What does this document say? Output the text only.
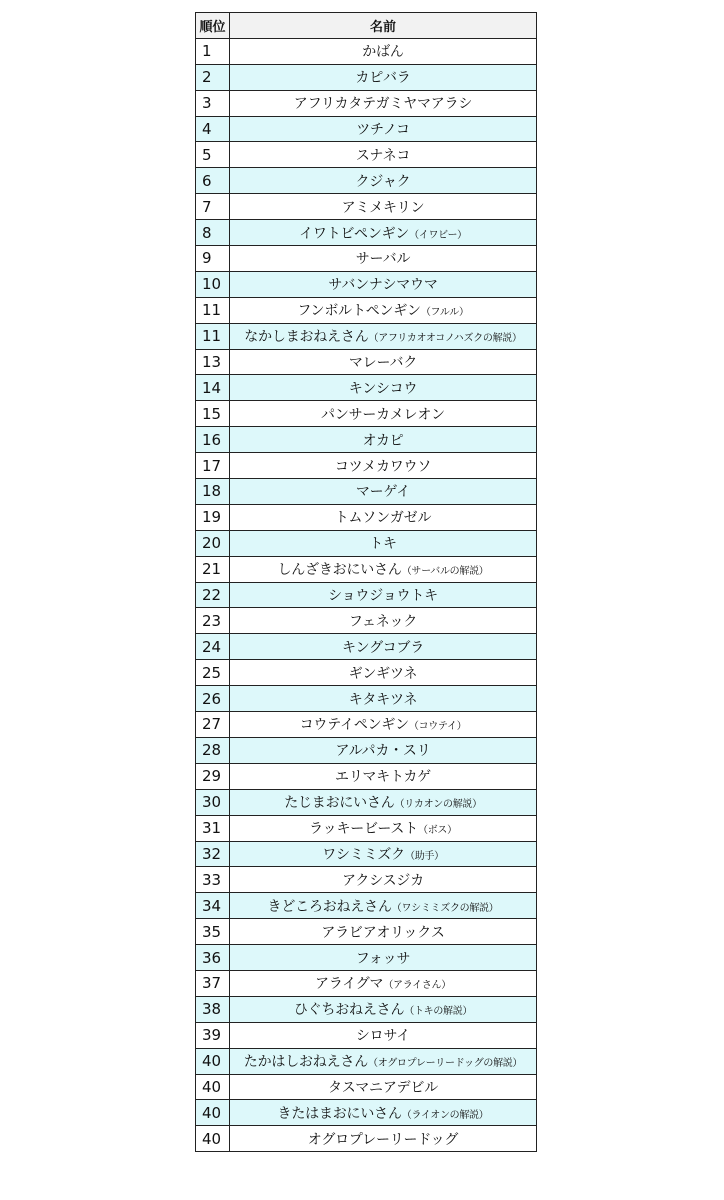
順位	名前
1	かばん
2	カピバラ
3	アフリカタテガミヤマアラシ
4	ツチノコ
5	スナネコ
6	クジャク
7	アミメキリン
8	イワトビペンギン（イワビー）
9	サーバル
10	サバンナシマウマ
11	フンボルトペンギン（フルル）
11	なかしまおねえさん（アフリカオオコノハズクの解説）
13	マレーバク
14	キンシコウ
15	パンサーカメレオン
16	オカピ
17	コツメカワウソ
18	マーゲイ
19	トムソンガゼル
20	トキ
21	しんざきおにいさん（サーバルの解説）
22	ショウジョウトキ
23	フェネック
24	キングコブラ
25	ギンギツネ
26	キタキツネ
27	コウテイペンギン（コウテイ）
28	アルパカ・スリ
29	エリマキトカゲ
30	たじまおにいさん（リカオンの解説）
31	ラッキービースト（ボス）
32	ワシミミズク（助手）
33	アクシスジカ
34	きどころおねえさん（ワシミミズクの解説）
35	アラビアオリックス
36	フォッサ
37	アライグマ（アライさん）
38	ひぐちおねえさん（トキの解説）
39	シロサイ
40	たかはしおねえさん（オグロプレーリードッグの解説）
40	タスマニアデビル
40	きたはまおにいさん（ライオンの解説）
40	オグロプレーリードッグ
